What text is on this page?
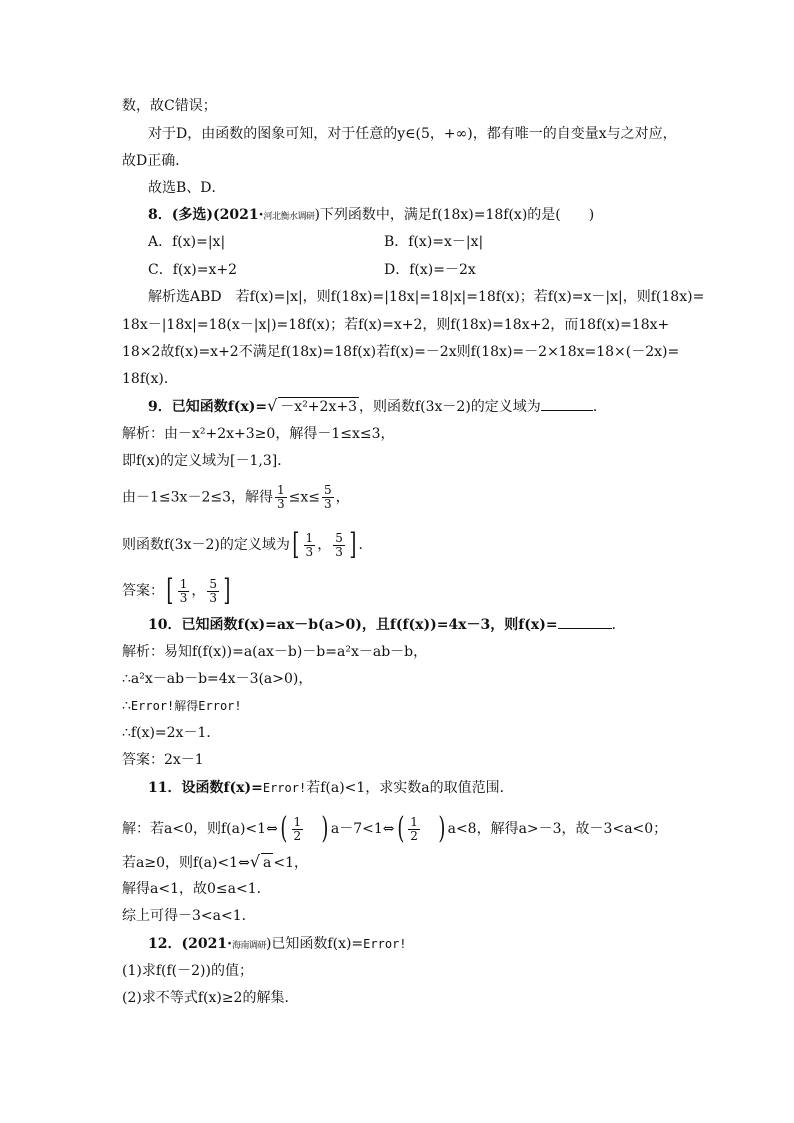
数，故C错误；
对于D，由函数的图象可知，对于任意的y∈(5，+∞)，都有唯一的自变量x与之对应，
故D正确．
故选B、D．
8．(多选)(2021·河北衡水调研)下列函数中，满足f(18x)=18f(x)的是(　　)
A．f(x)=|x|	B．f(x)=x－|x|
C．f(x)=x+2	D．f(x)=－2x
解析选ABD　若f(x)=|x|，则f(18x)=|18x|=18|x|=18f(x)；若f(x)=x－|x|，则f(18x)=
18x－|18x|=18(x－|x|)=18f(x)；若f(x)=x+2，则f(18x)=18x+2，而18f(x)=18x+
18×2故f(x)=x+2不满足f(18x)=18f(x)若f(x)=－2x则f(18x)=－2×18x=18×(－2x)=
18f(x)．
9．已知函数f(x)=√ －x²+2x+3 ，则函数f(3x－2)的定义域为	．
解析：由－x²+2x+3≥0，解得－1≤x≤3，
即f(x)的定义域为[－1,3]．
由－1≤3x－2≤3，解得 $\frac{1}{3} \le x\le \frac{5}{3}$ ，
则函数f(3x－2)的定义域为[ $\frac{1}{3}$ ， $\frac{5}{3}$ ] ．
答案：[ $\frac{1}{3}$ ， $\frac{5}{3}$ ]
10．已知函数f(x)=ax－b(a>0)，且f(f(x))=4x－3，则f(x)=	．
解析：易知f(f(x))=a(ax－b)－b=a²x－ab－b，
∴a²x－ab－b=4x－3(a>0)，
∴Error!解得Error!
∴f(x)=2x－1．
答案：2x－1
11．设函数f(x)=Error!若f(a)<1，求实数a的取值范围．
解：若a<0，则f(a)<1⇔( $\frac{1}{2}$ ) a－7<1⇔( $\frac{1}{2}$ ) a<8，解得a>－3，故－3<a<0；
若a≥0，则f(a)<1⇔√ a <1，
解得a<1，故0≤a<1．
综上可得－3<a<1．
12．(2021·海南调研)已知函数f(x)=Error!
(1)求f(f(－2))的值；
(2)求不等式f(x)≥2的解集．
